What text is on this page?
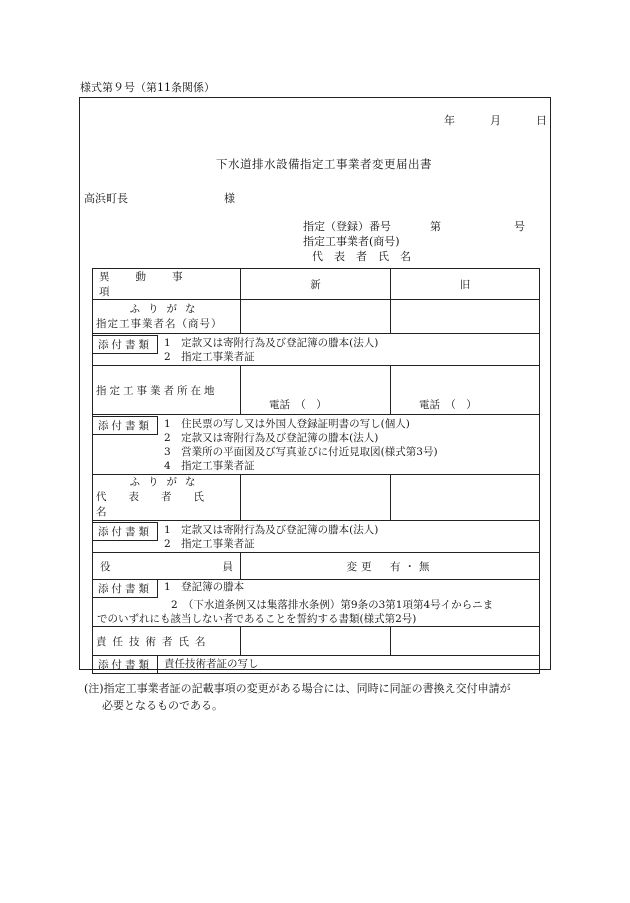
様式第９号（第11条関係）
年	月	日
下水道排水設備指定工事業者変更届出書
高浜町長	様
指定（登録）番号	第	号
指定工事業者(商号)
代　表　者　氏　名
異動事項	新	旧

ふりがな
指定工事業者名（商号）		

添付書類 1　定款又は寄附行為及び登記簿の謄本(法人)
2　指定工事業者証		

指定工事業者所在地	電話　（　）	電話　（　）

添付書類 1　住民票の写し又は外国人登録証明書の写し(個人)
2　定款又は寄附行為及び登記簿の謄本(法人)
3　営業所の平面図及び写真並びに付近見取図(様式第3号)
4　指定工事業者証		

ふりがな
代表者氏名		

添付書類 1　定款又は寄附行為及び登記簿の謄本(法人)
2　指定工事業者証		

役 員	変更　有・無	

添付書類 1　登記簿の謄本
2　（下水道条例又は集落排水条例）第9条の3第1項第4号イからニま
でのいずれにも該当しない者であることを誓約する書類(様式第2号)		

責任技術者氏名		

添付書類 責任技術者証の写し		
(注)指定工事業者証の記載事項の変更がある場合には、同時に同証の書換え交付申請が
必要となるものである。
